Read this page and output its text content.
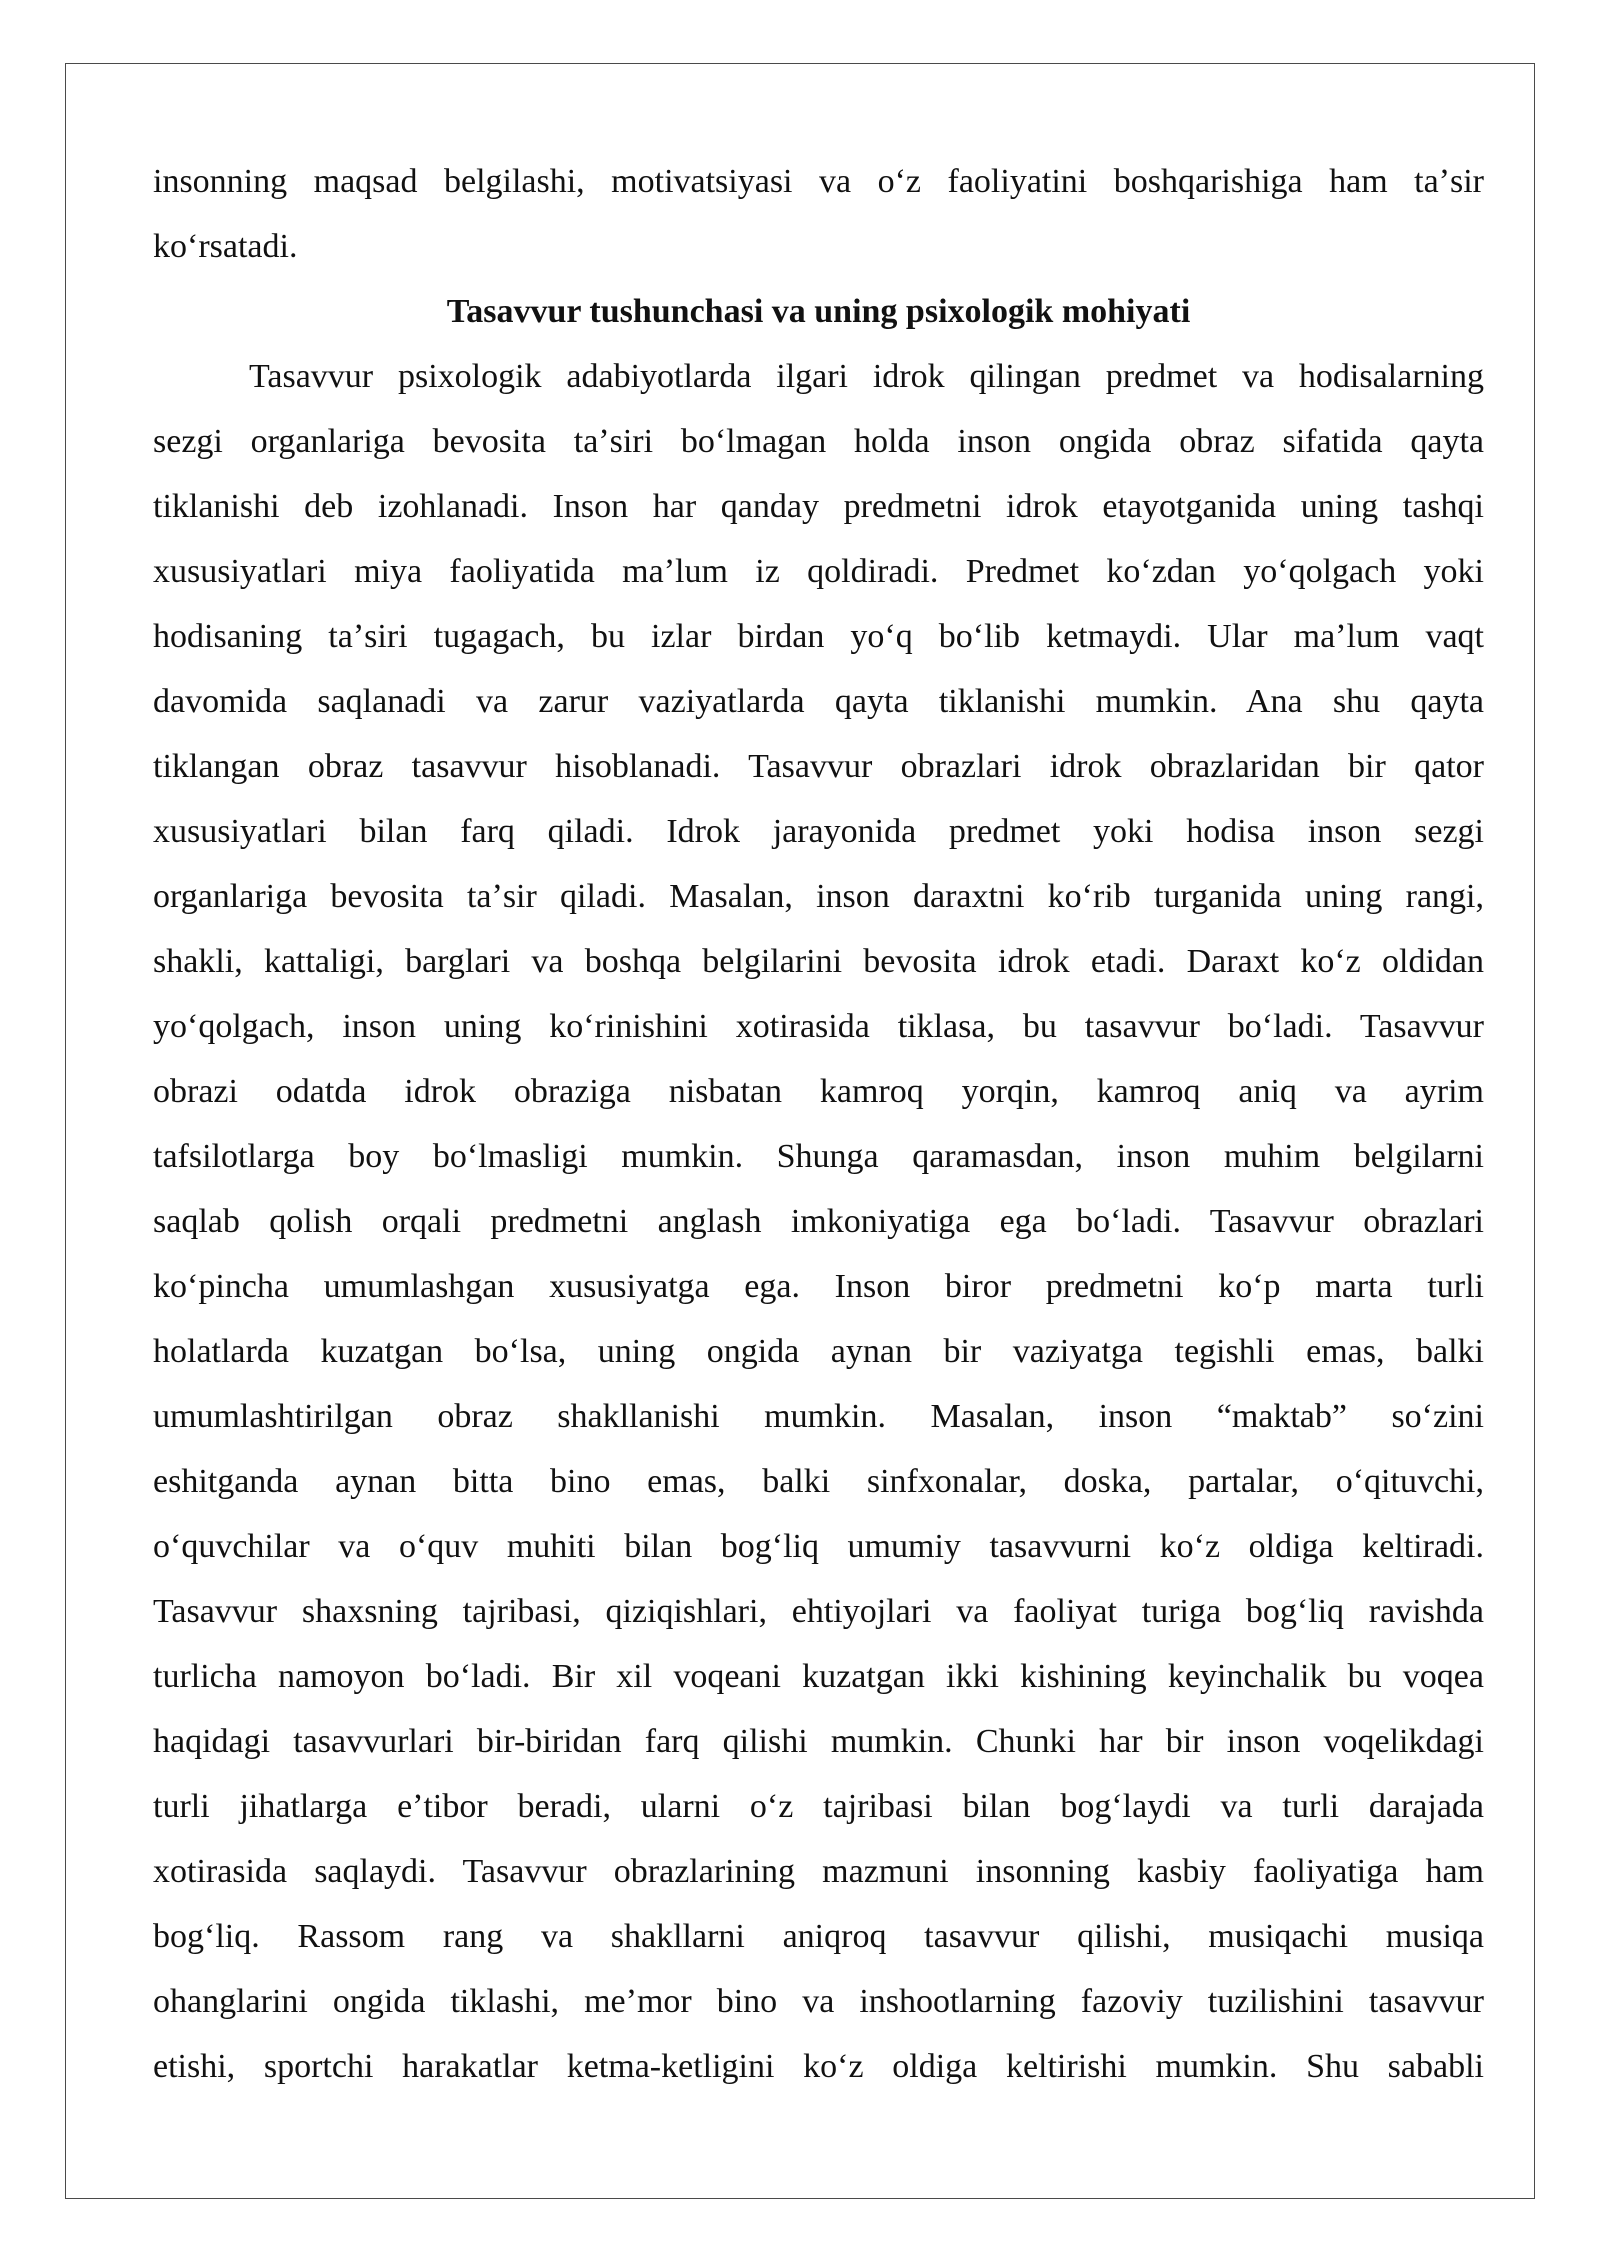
insonning maqsad belgilashi, motivatsiyasi va oʻz faoliyatini boshqarishiga ham taʼsir
koʻrsatadi.

Tasavvur tushunchasi va uning psixologik mohiyati

Tasavvur psixologik adabiyotlarda ilgari idrok qilingan predmet va hodisalarning
sezgi organlariga bevosita taʼsiri boʻlmagan holda inson ongida obraz sifatida qayta
tiklanishi deb izohlanadi. Inson har qanday predmetni idrok etayotganida uning tashqi
xususiyatlari miya faoliyatida maʼlum iz qoldiradi. Predmet koʻzdan yoʻqolgach yoki
hodisaning taʼsiri tugagach, bu izlar birdan yoʻq boʻlib ketmaydi. Ular maʼlum vaqt
davomida saqlanadi va zarur vaziyatlarda qayta tiklanishi mumkin. Ana shu qayta
tiklangan obraz tasavvur hisoblanadi. Tasavvur obrazlari idrok obrazlaridan bir qator
xususiyatlari bilan farq qiladi. Idrok jarayonida predmet yoki hodisa inson sezgi
organlariga bevosita taʼsir qiladi. Masalan, inson daraxtni koʻrib turganida uning rangi,
shakli, kattaligi, barglari va boshqa belgilarini bevosita idrok etadi. Daraxt koʻz oldidan
yoʻqolgach, inson uning koʻrinishini xotirasida tiklasa, bu tasavvur boʻladi. Tasavvur
obrazi odatda idrok obraziga nisbatan kamroq yorqin, kamroq aniq va ayrim
tafsilotlarga boy boʻlmasligi mumkin. Shunga qaramasdan, inson muhim belgilarni
saqlab qolish orqali predmetni anglash imkoniyatiga ega boʻladi. Tasavvur obrazlari
koʻpincha umumlashgan xususiyatga ega. Inson biror predmetni koʻp marta turli
holatlarda kuzatgan boʻlsa, uning ongida aynan bir vaziyatga tegishli emas, balki
umumlashtirilgan obraz shakllanishi mumkin. Masalan, inson “maktab” soʻzini
eshitganda aynan bitta bino emas, balki sinfxonalar, doska, partalar, oʻqituvchi,
oʻquvchilar va oʻquv muhiti bilan bogʻliq umumiy tasavvurni koʻz oldiga keltiradi.
Tasavvur shaxsning tajribasi, qiziqishlari, ehtiyojlari va faoliyat turiga bogʻliq ravishda
turlicha namoyon boʻladi. Bir xil voqeani kuzatgan ikki kishining keyinchalik bu voqea
haqidagi tasavvurlari bir-biridan farq qilishi mumkin. Chunki har bir inson voqelikdagi
turli jihatlarga eʼtibor beradi, ularni oʻz tajribasi bilan bogʻlaydi va turli darajada
xotirasida saqlaydi. Tasavvur obrazlarining mazmuni insonning kasbiy faoliyatiga ham
bogʻliq. Rassom rang va shakllarni aniqroq tasavvur qilishi, musiqachi musiqa
ohanglarini ongida tiklashi, meʼmor bino va inshootlarning fazoviy tuzilishini tasavvur
etishi, sportchi harakatlar ketma-ketligini koʻz oldiga keltirishi mumkin. Shu sababli
